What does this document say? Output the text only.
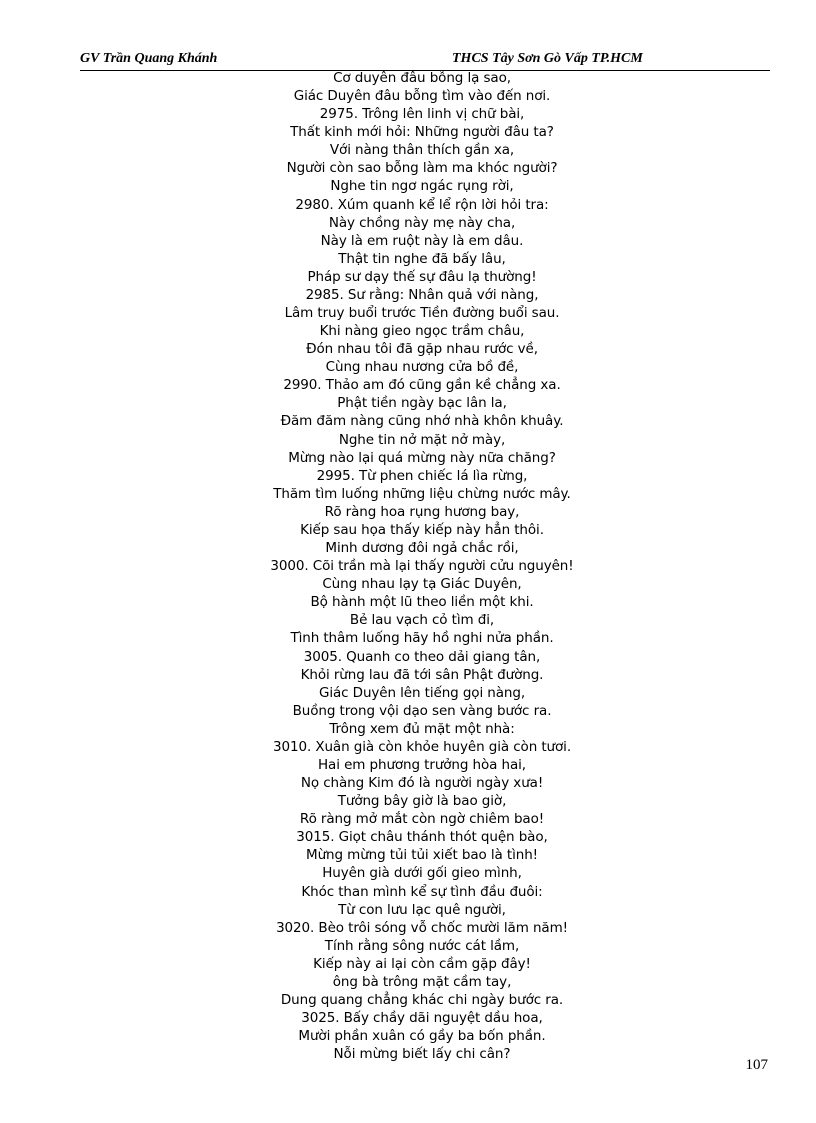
GV Trần Quang Khánh	THCS Tây Sơn Gò Vấp TP.HCM
Cơ duyên đâu bỗng lạ sao,
Giác Duyên đâu bỗng tìm vào đến nơi.
2975. Trông lên linh vị chữ bài,
Thất kinh mới hỏi: Những người đâu ta?
Với nàng thân thích gần xa,
Người còn sao bỗng làm ma khóc người?
Nghe tin ngơ ngác rụng rời,
2980. Xúm quanh kể lể rộn lời hỏi tra:
Này chồng này mẹ này cha,
Này là em ruột này là em dâu.
Thật tin nghe đã bấy lâu,
Pháp sư dạy thế sự đâu lạ thường!
2985. Sư rằng: Nhân quả với nàng,
Lâm truy buổi trước Tiền đường buổi sau.
Khi nàng gieo ngọc trầm châu,
Đón nhau tôi đã gặp nhau rước về,
Cùng nhau nương cửa bồ đề,
2990. Thảo am đó cũng gần kề chẳng xa.
Phật tiền ngày bạc lân la,
Đăm đăm nàng cũng nhớ nhà khôn khuây.
Nghe tin nở mặt nở mày,
Mừng nào lại quá mừng này nữa chăng?
2995. Từ phen chiếc lá lìa rừng,
Thăm tìm luống những liệu chừng nước mây.
Rõ ràng hoa rụng hương bay,
Kiếp sau họa thấy kiếp này hẳn thôi.
Minh dương đôi ngả chắc rồi,
3000. Cõi trần mà lại thấy người cửu nguyên!
Cùng nhau lạy tạ Giác Duyên,
Bộ hành một lũ theo liền một khi.
Bẻ lau vạch cỏ tìm đi,
Tình thâm luống hãy hồ nghi nửa phần.
3005. Quanh co theo dải giang tân,
Khỏi rừng lau đã tới sân Phật đường.
Giác Duyên lên tiếng gọi nàng,
Buồng trong vội dạo sen vàng bước ra.
Trông xem đủ mặt một nhà:
3010. Xuân già còn khỏe huyên già còn tươi.
Hai em phương trưởng hòa hai,
Nọ chàng Kim đó là người ngày xưa!
Tưởng bây giờ là bao giờ,
Rõ ràng mở mắt còn ngờ chiêm bao!
3015. Giọt châu thánh thót quện bào,
Mừng mừng tủi tủi xiết bao là tình!
Huyên già dưới gối gieo mình,
Khóc than mình kể sự tình đầu đuôi:
Từ con lưu lạc quê người,
3020. Bèo trôi sóng vỗ chốc mười lăm năm!
Tính rằng sông nước cát lầm,
Kiếp này ai lại còn cầm gặp đây!
ông bà trông mặt cầm tay,
Dung quang chẳng khác chi ngày bước ra.
3025. Bấy chầy dãi nguyệt dầu hoa,
Mười phần xuân có gầy ba bốn phần.
Nỗi mừng biết lấy chi cân?
107
